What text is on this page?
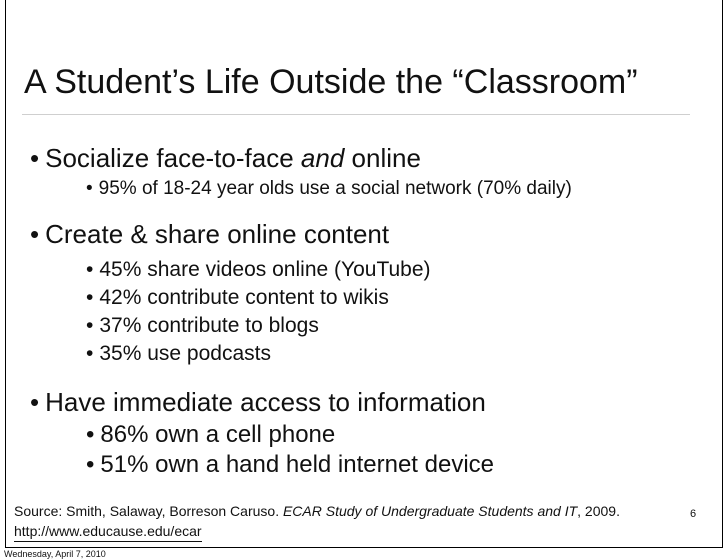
A Student’s Life Outside the “Classroom”
• Socialize face-to-face and online
• 95% of 18-24 year olds use a social network (70% daily)
• Create & share online content
• 45% share videos online (YouTube)
• 42% contribute content to wikis
• 37% contribute to blogs
• 35% use podcasts
• Have immediate access to information
• 86% own a cell phone
• 51% own a hand held internet device
Source: Smith, Salaway, Borreson Caruso. ECAR Study of Undergraduate Students and IT, 2009.
http://www.educause.edu/ecar
6
Wednesday, April 7, 2010
